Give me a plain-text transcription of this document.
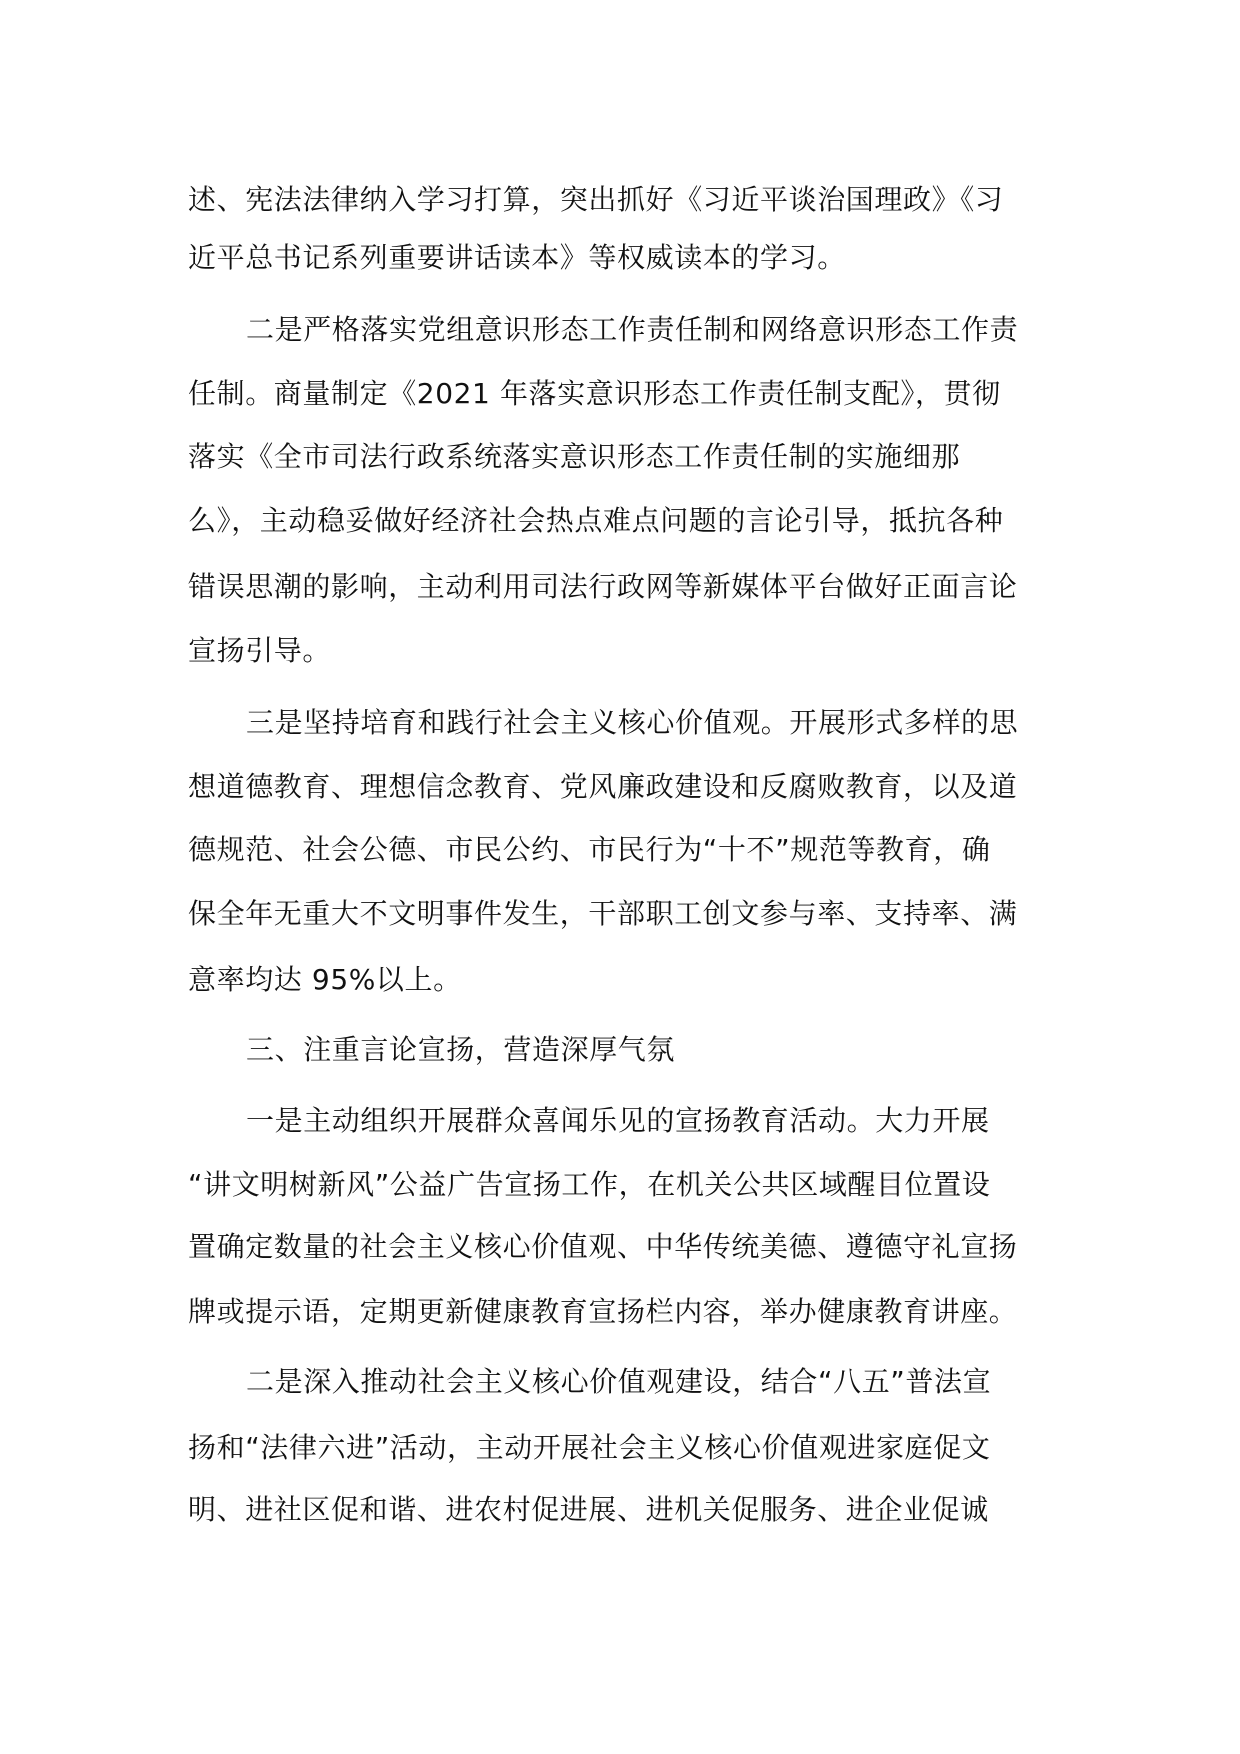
述、宪法法律纳入学习打算，突出抓好《习近平谈治国理政》《习
近平总书记系列重要讲话读本》等权威读本的学习。
二是严格落实党组意识形态工作责任制和网络意识形态工作责
任制。商量制定《2021 年落实意识形态工作责任制支配》，贯彻
落实《全市司法行政系统落实意识形态工作责任制的实施细那
么》，主动稳妥做好经济社会热点难点问题的言论引导，抵抗各种
错误思潮的影响，主动利用司法行政网等新媒体平台做好正面言论
宣扬引导。
三是坚持培育和践行社会主义核心价值观。开展形式多样的思
想道德教育、理想信念教育、党风廉政建设和反腐败教育，以及道
德规范、社会公德、市民公约、市民行为“十不”规范等教育，确
保全年无重大不文明事件发生，干部职工创文参与率、支持率、满
意率均达 95%以上。
三、注重言论宣扬，营造深厚气氛
一是主动组织开展群众喜闻乐见的宣扬教育活动。大力开展
“讲文明树新风”公益广告宣扬工作，在机关公共区域醒目位置设
置确定数量的社会主义核心价值观、中华传统美德、遵德守礼宣扬
牌或提示语，定期更新健康教育宣扬栏内容，举办健康教育讲座。
二是深入推动社会主义核心价值观建设，结合“八五”普法宣
扬和“法律六进”活动，主动开展社会主义核心价值观进家庭促文
明、进社区促和谐、进农村促进展、进机关促服务、进企业促诚
